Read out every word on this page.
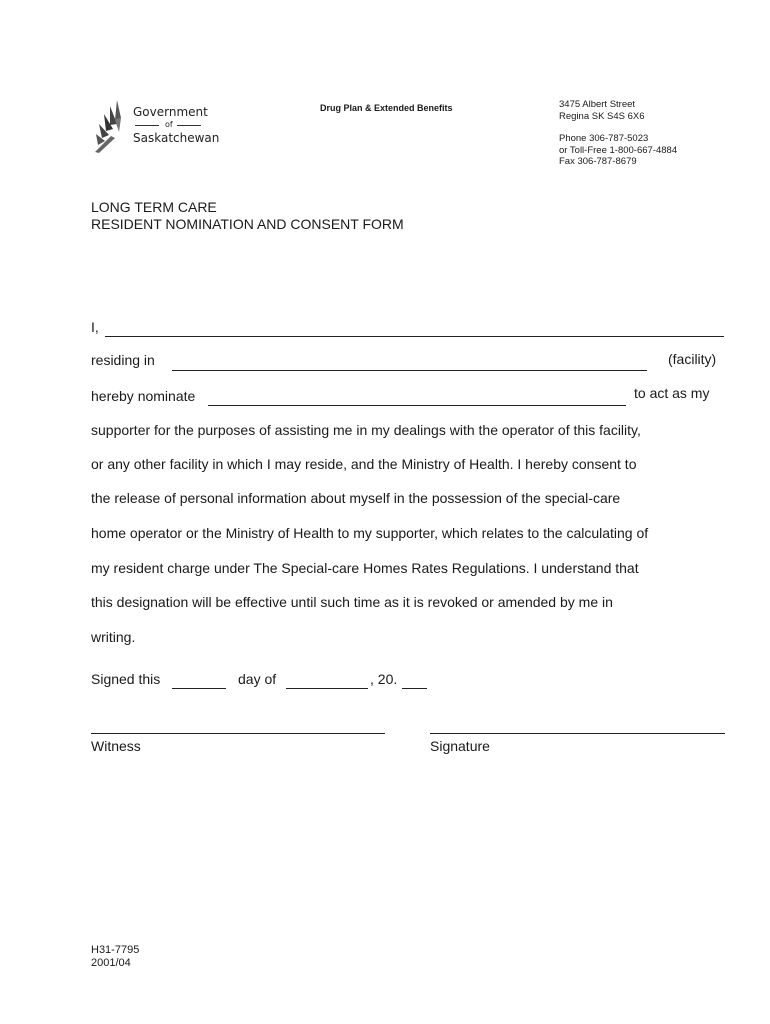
Government
of
Saskatchewan
Drug Plan & Extended Benefits	3475 Albert Street
Regina SK S4S 6X6
Phone 306-787-5023
or Toll-Free 1-800-667-4884
Fax 306-787-8679
LONG TERM CARE
RESIDENT NOMINATION AND CONSENT FORM
I,
residing in	(facility)
hereby nominate	to act as my
supporter for the purposes of assisting me in my dealings with the operator of this facility,
or any other facility in which I may reside, and the Ministry of Health. I hereby consent to
the release of personal information about myself in the possession of the special-care
home operator or the Ministry of Health to my supporter, which relates to the calculating of
my resident charge under The Special-care Homes Rates Regulations. I understand that
this designation will be effective until such time as it is revoked or amended by me in
writing.
Signed this	day of	, 20.
Witness	Signature
H31-7795
2001/04
